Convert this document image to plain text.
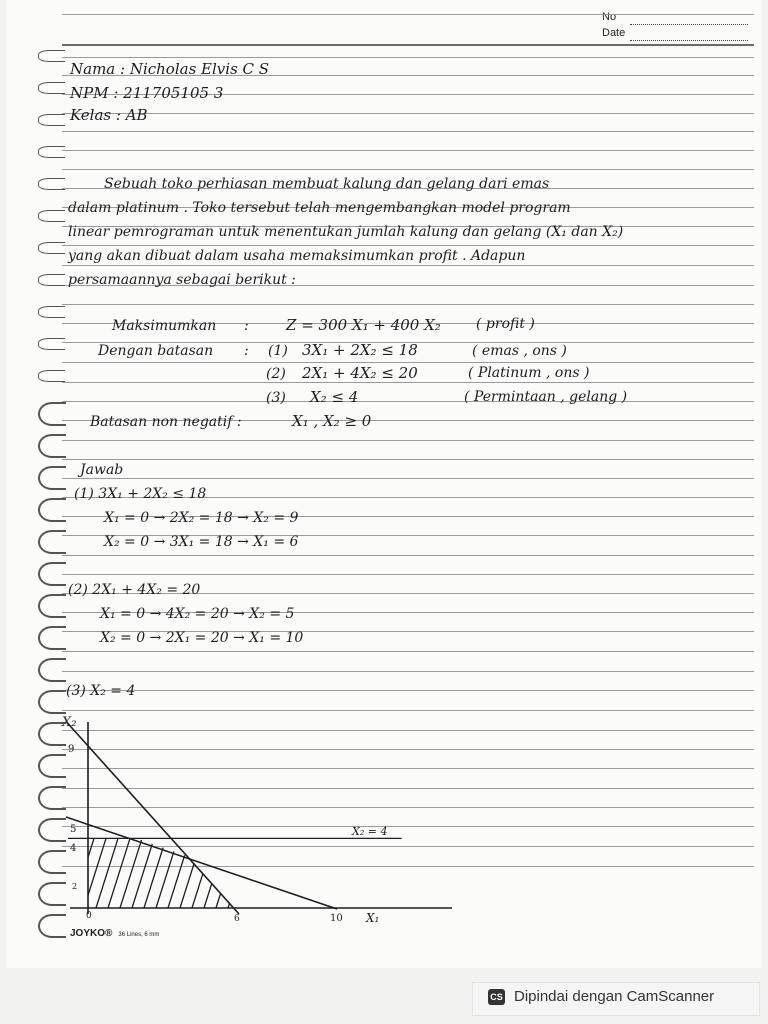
No
Date
Nama : Nicholas Elvis C S
NPM : 211705105 3
Kelas : AB
Sebuah toko perhiasan membuat kalung dan gelang dari emas
dalam platinum . Toko tersebut telah mengembangkan model program
linear pemrograman untuk menentukan jumlah kalung dan gelang (X₁ dan X₂)
yang akan dibuat dalam usaha memaksimumkan profit . Adapun
persamaannya sebagai berikut :
Maksimumkan : Z = 300 X₁ + 400 X₂	( profit )
Dengan batasan : (1) 3X₁ + 2X₂ ≤ 18	( emas , ons )
(2) 2X₁ + 4X₂ ≤ 20	( Platinum , ons )
(3) X₂ ≤ 4	( Permintaan , gelang )
Batasan non negatif :	X₁ , X₂ ≥ 0
Jawab
(1) 3X₁ + 2X₂ ≤ 18
X₁ = 0 → 2X₂ = 18 → X₂ = 9
X₂ = 0 → 3X₁ = 18 → X₁ = 6
(2) 2X₁ + 4X₂ = 20
X₁ = 0 → 4X₂ = 20 → X₂ = 5
X₂ = 0 → 2X₁ = 20 → X₁ = 10
(3) X₂ = 4
X₂
X₁
9
5
4
2
0	6	10
X₂ = 4
JOYKO® 36 Lines, 6 mm
CS Dipindai dengan CamScanner
